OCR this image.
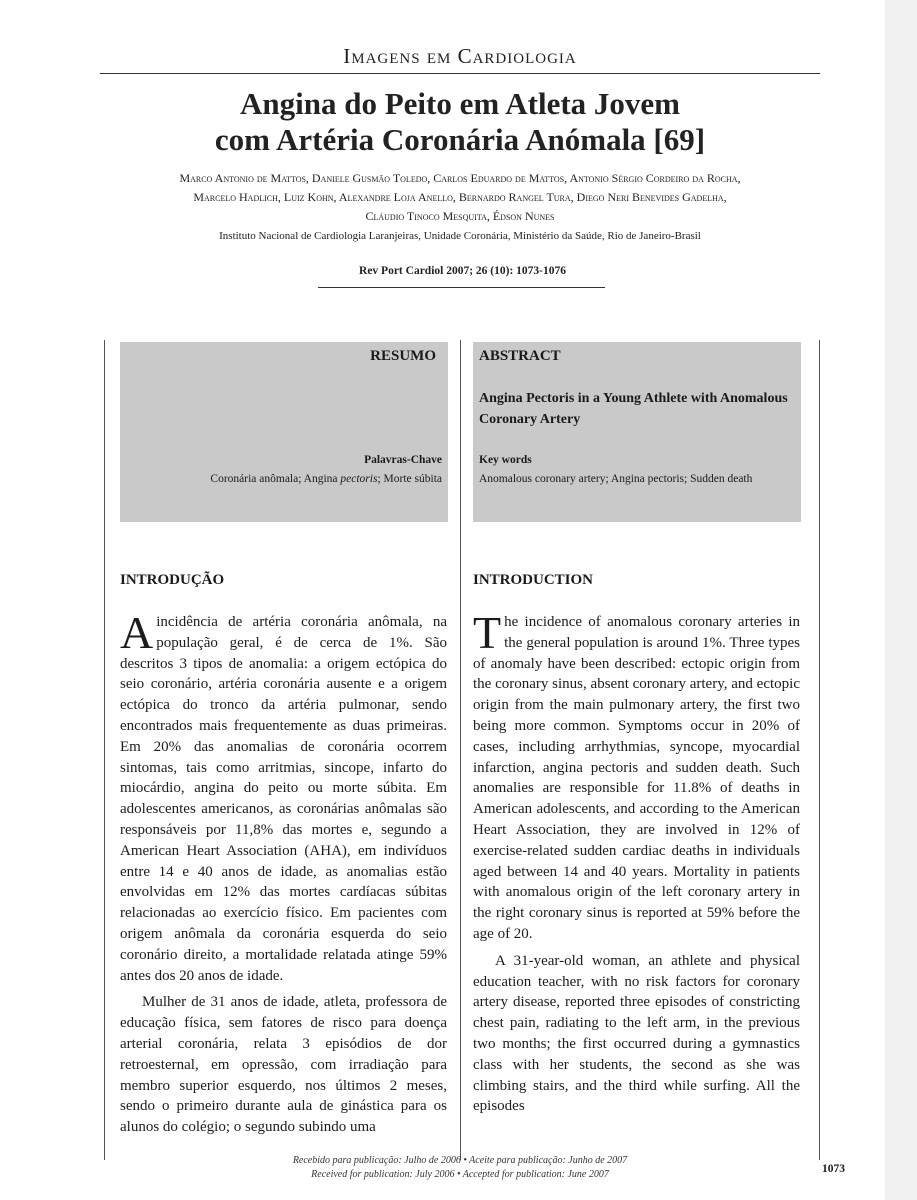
Imagens em Cardiologia
Angina do Peito em Atleta Jovem
com Artéria Coronária Anómala [69]
Marco Antonio de Mattos, Daniele Gusmão Toledo, Carlos Eduardo de Mattos, Antonio Sérgio Cordeiro da Rocha,
Marcelo Hadlich, Luiz Kohn, Alexandre Loja Anello, Bernardo Rangel Tura, Diego Neri Benevides Gadelha,
Cláudio Tinoco Mesquita, Édson Nunes
Instituto Nacional de Cardiologia Laranjeiras, Unidade Coronária, Ministério da Saúde, Rio de Janeiro-Brasil
Rev Port Cardiol 2007; 26 (10): 1073-1076
RESUMO
Palavras-Chave
Coronária anômala; Angina pectoris; Morte súbita
ABSTRACT
Angina Pectoris in a Young Athlete with Anomalous Coronary Artery
Key words
Anomalous coronary artery; Angina pectoris; Sudden death
INTRODUÇÃO	INTRODUCTION

Aincidência de artéria coronária anômala, na população geral, é de cerca de 1%. São descritos 3 tipos de anomalia: a origem ectópica do seio coronário, artéria coronária ausente e a origem ectópica do tronco da artéria pulmonar, sendo encontrados mais frequentemente as duas primeiras. Em 20% das anomalias de coronária ocorrem sintomas, tais como arritmias, sincope, infarto do miocárdio, angina do peito ou morte súbita. Em adolescentes americanos, as coronárias anômalas são responsáveis por 11,8% das mortes e, segundo a American Heart Association (AHA), em indivíduos entre 14 e 40 anos de idade, as anomalias estão envolvidas em 12% das mortes cardíacas súbitas relacionadas ao exercício físico. Em pacientes com origem anômala da coronária esquerda do seio coronário direito, a mortalidade relatada atinge 59% antes dos 20 anos de idade.

Mulher de 31 anos de idade, atleta, professora de educação física, sem fatores de risco para doença arterial coronária, relata 3 episódios de dor retroesternal, em opressão, com irradiação para membro superior esquerdo, nos últimos 2 meses, sendo o primeiro durante aula de ginástica para os alunos do colégio; o segundo subindo uma

The incidence of anomalous coronary arteries in the general population is around 1%. Three types of anomaly have been described: ectopic origin from the coronary sinus, absent coronary artery, and ectopic origin from the main pulmonary artery, the first two being more common. Symptoms occur in 20% of cases, including arrhythmias, syncope, myocardial infarction, angina pectoris and sudden death. Such anomalies are responsible for 11.8% of deaths in American adolescents, and according to the American Heart Association, they are involved in 12% of exercise-related sudden cardiac deaths in individuals aged between 14 and 40 years. Mortality in patients with anomalous origin of the left coronary artery in the right coronary sinus is reported at 59% before the age of 20.

A 31-year-old woman, an athlete and physical education teacher, with no risk factors for coronary artery disease, reported three episodes of constricting chest pain, radiating to the left arm, in the previous two months; the first occurred during a gymnastics class with her students, the second as she was climbing stairs, and the third while surfing. All the episodes

1073
Recebido para publicação: Julho de 2006 • Aceite para publicação: Junho de 2007
Received for publication: July 2006 • Accepted for publication: June 2007
